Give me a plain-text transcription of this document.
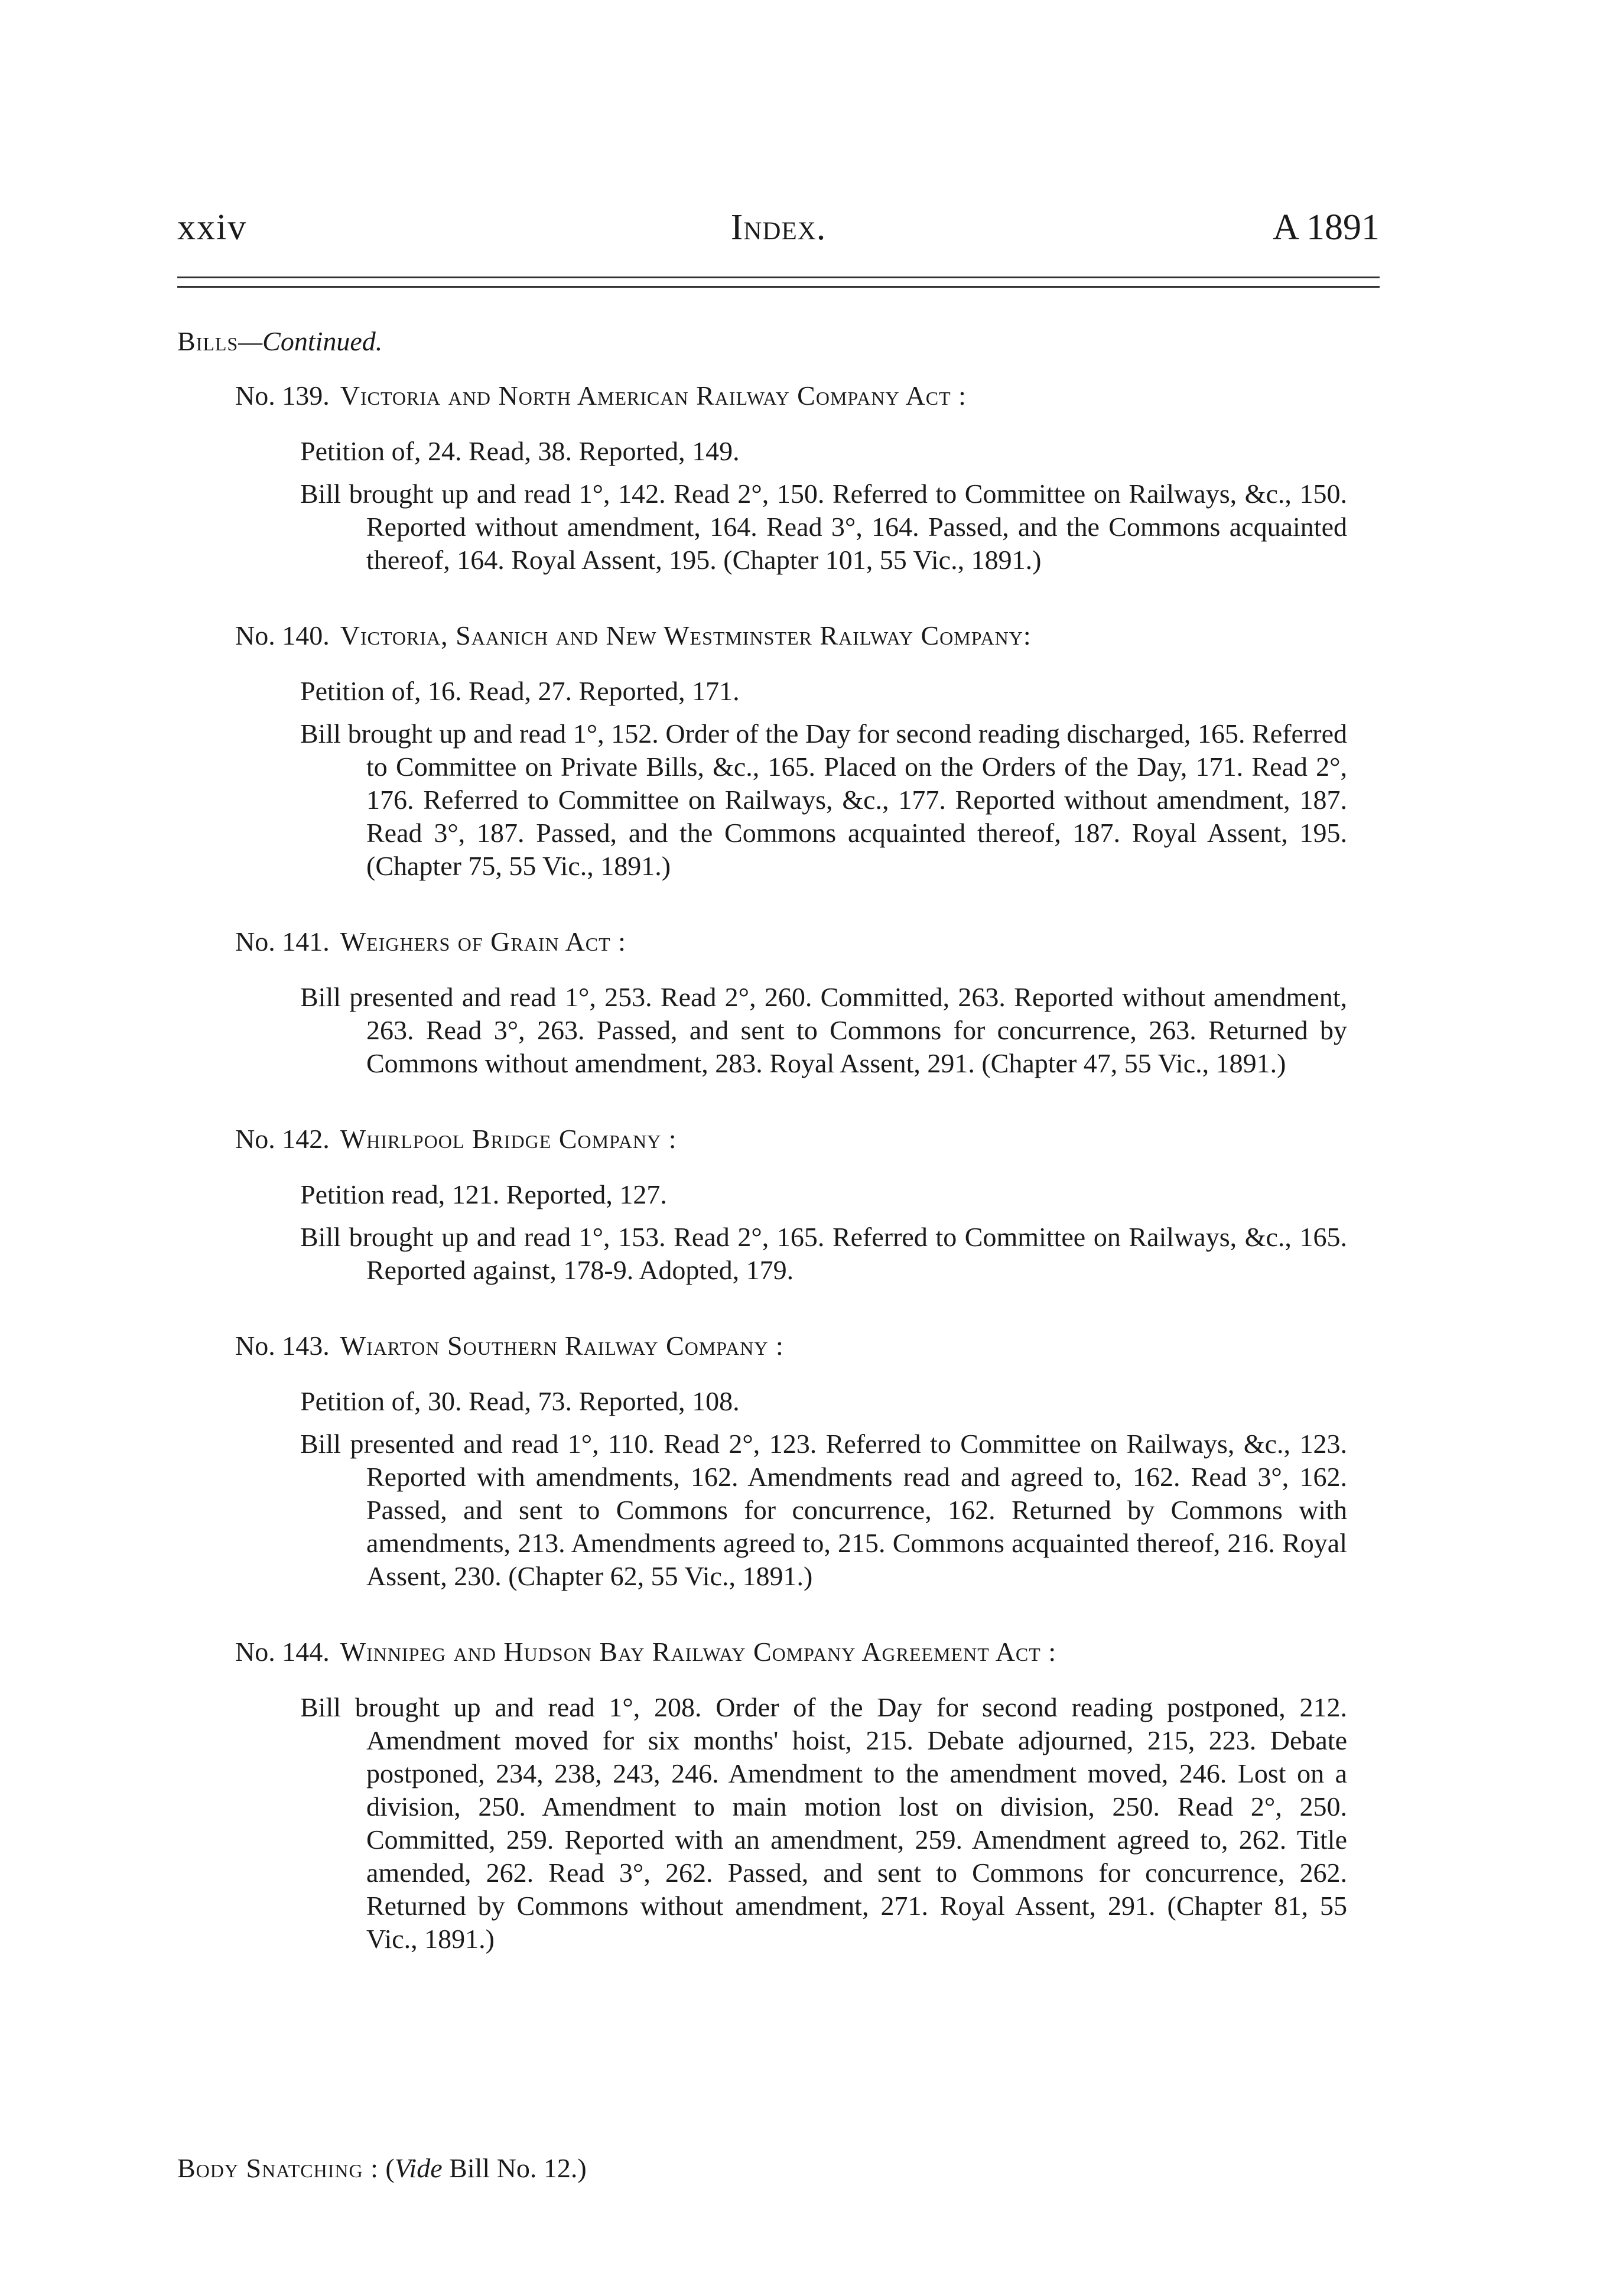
xxiv	Index.	A 1891
Bills—Continued.
No. 139. Victoria and North American Railway Company Act :
Petition of, 24. Read, 38. Reported, 149.
Bill brought up and read 1°, 142. Read 2°, 150. Referred to Committee on Railways, &c., 150. Reported without amendment, 164. Read 3°, 164. Passed, and the Commons acquainted thereof, 164. Royal Assent, 195. (Chapter 101, 55 Vic., 1891.)
No. 140. Victoria, Saanich and New Westminster Railway Company:
Petition of, 16. Read, 27. Reported, 171.
Bill brought up and read 1°, 152. Order of the Day for second reading discharged, 165. Referred to Committee on Private Bills, &c., 165. Placed on the Orders of the Day, 171. Read 2°, 176. Referred to Committee on Railways, &c., 177. Reported without amendment, 187. Read 3°, 187. Passed, and the Commons acquainted thereof, 187. Royal Assent, 195. (Chapter 75, 55 Vic., 1891.)
No. 141. Weighers of Grain Act :
Bill presented and read 1°, 253. Read 2°, 260. Committed, 263. Reported without amendment, 263. Read 3°, 263. Passed, and sent to Commons for concurrence, 263. Returned by Commons without amendment, 283. Royal Assent, 291. (Chapter 47, 55 Vic., 1891.)
No. 142. Whirlpool Bridge Company :
Petition read, 121. Reported, 127.
Bill brought up and read 1°, 153. Read 2°, 165. Referred to Committee on Railways, &c., 165. Reported against, 178-9. Adopted, 179.
No. 143. Wiarton Southern Railway Company :
Petition of, 30. Read, 73. Reported, 108.
Bill presented and read 1°, 110. Read 2°, 123. Referred to Committee on Railways, &c., 123. Reported with amendments, 162. Amendments read and agreed to, 162. Read 3°, 162. Passed, and sent to Commons for concurrence, 162. Returned by Commons with amendments, 213. Amendments agreed to, 215. Commons acquainted thereof, 216. Royal Assent, 230. (Chapter 62, 55 Vic., 1891.)
No. 144. Winnipeg and Hudson Bay Railway Company Agreement Act :
Bill brought up and read 1°, 208. Order of the Day for second reading postponed, 212. Amendment moved for six months' hoist, 215. Debate adjourned, 215, 223. Debate postponed, 234, 238, 243, 246. Amendment to the amendment moved, 246. Lost on a division, 250. Amendment to main motion lost on division, 250. Read 2°, 250. Committed, 259. Reported with an amendment, 259. Amendment agreed to, 262. Title amended, 262. Read 3°, 262. Passed, and sent to Commons for concurrence, 262. Returned by Commons without amendment, 271. Royal Assent, 291. (Chapter 81, 55 Vic., 1891.)
Body Snatching : (Vide Bill No. 12.)
